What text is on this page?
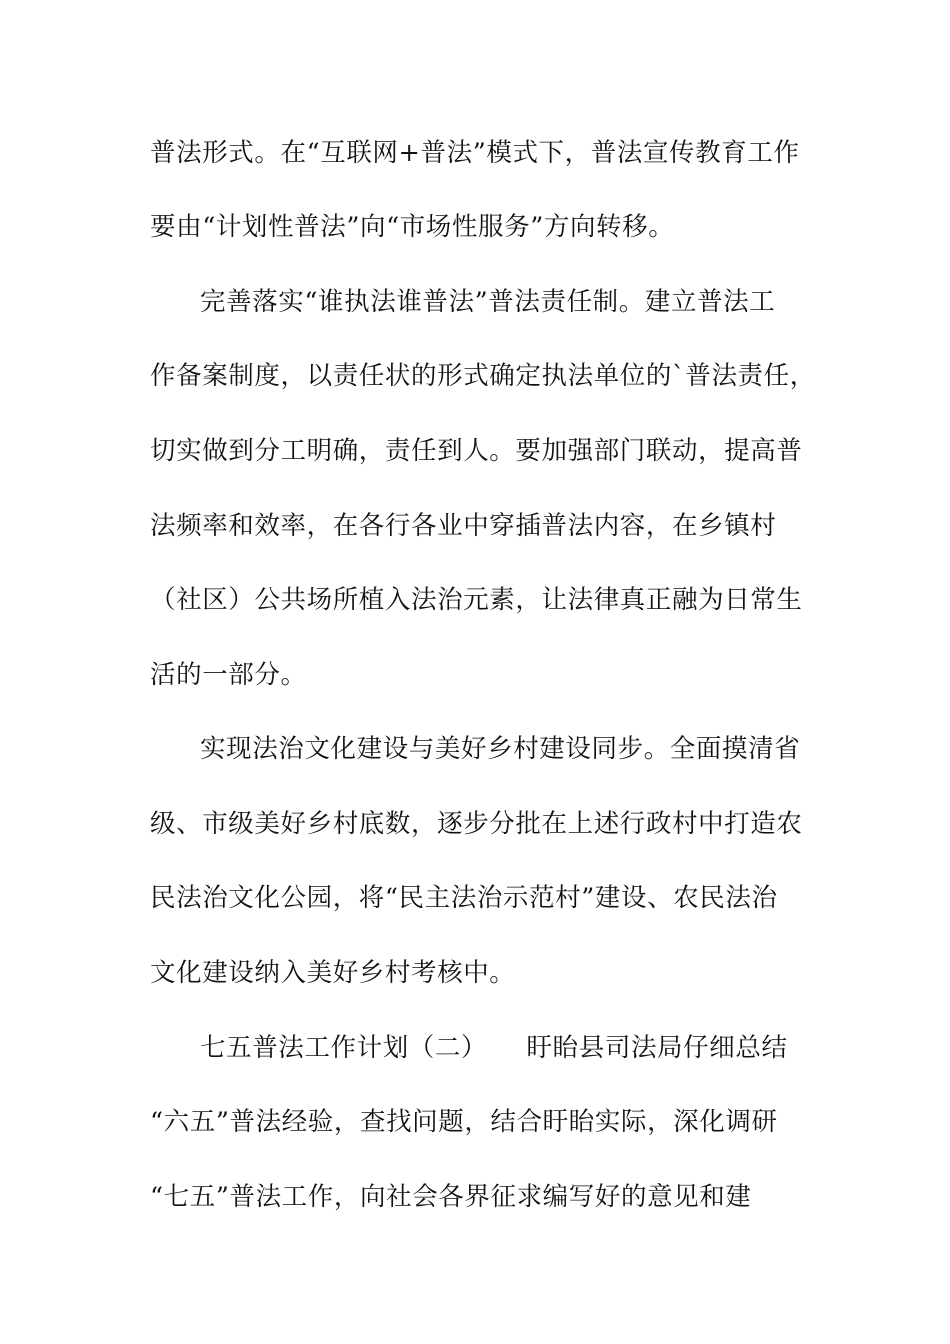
普法形式。在“互联网+普法”模式下，普法宣传教育工作
要由“计划性普法”向“市场性服务”方向转移。
完善落实“谁执法谁普法”普法责任制。建立普法工
作备案制度，以责任状的形式确定执法单位的`普法责任，
切实做到分工明确，责任到人。要加强部门联动，提高普
法频率和效率，在各行各业中穿插普法内容，在乡镇村
（社区）公共场所植入法治元素，让法律真正融为日常生
活的一部分。
实现法治文化建设与美好乡村建设同步。全面摸清省
级、市级美好乡村底数，逐步分批在上述行政村中打造农
民法治文化公园，将“民主法治示范村”建设、农民法治
文化建设纳入美好乡村考核中。
七五普法工作计划（二）　　盱眙县司法局仔细总结
“六五”普法经验，查找问题，结合盱眙实际，深化调研
“七五”普法工作，向社会各界征求编写好的意见和建
